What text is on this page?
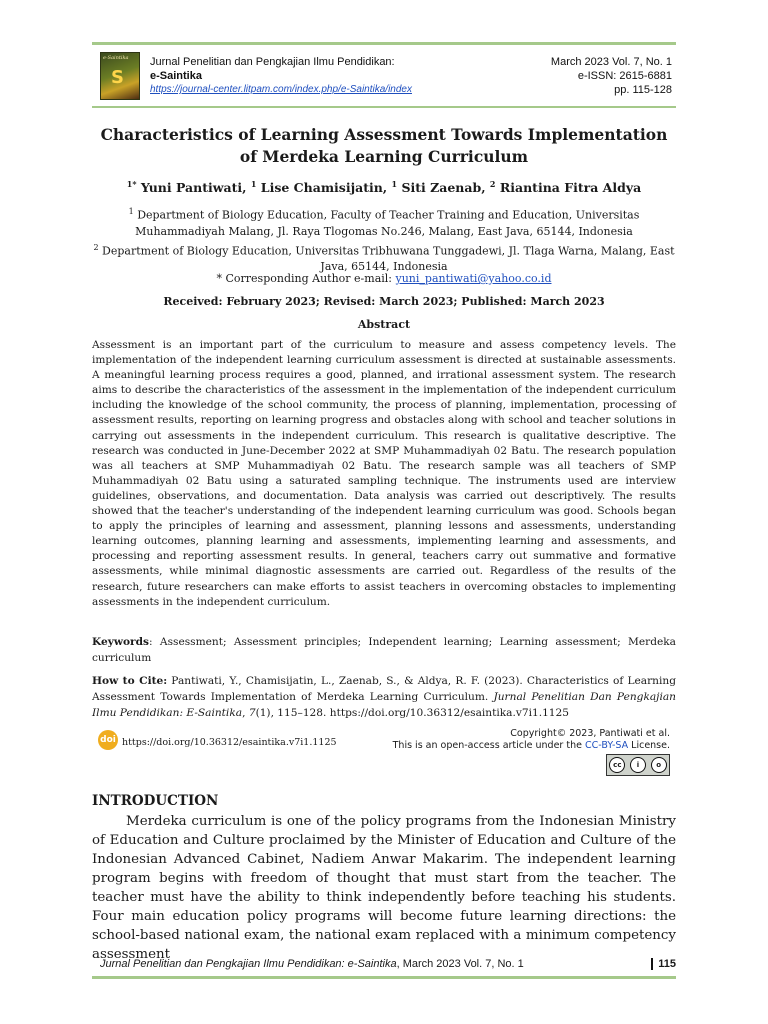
e-Saintika
S
Jurnal Penelitian dan Pengkajian Ilmu Pendidikan:
e-Saintika
https://journal-center.litpam.com/index.php/e-Saintika/index
March 2023 Vol. 7, No. 1
e-ISSN: 2615-6881
pp. 115-128
Characteristics of Learning Assessment Towards Implementation of Merdeka Learning Curriculum
$^{1*}$ Yuni Pantiwati, $^1$ Lise Chamisijatin, $^1$ Siti Zaenab, $^2$ Riantina Fitra Aldya
$^1$ Department of Biology Education, Faculty of Teacher Training and Education, Universitas Muhammadiyah Malang, Jl. Raya Tlogomas No.246, Malang, East Java, 65144, Indonesia
$^2$ Department of Biology Education, Universitas Tribhuwana Tunggadewi, Jl. Tlaga Warna, Malang, East Java, 65144, Indonesia
* Corresponding Author e-mail: yuni_pantiwati@yahoo.co.id
Received: February 2023; Revised: March 2023; Published: March 2023
Abstract
Assessment is an important part of the curriculum to measure and assess competency levels. The implementation of the independent learning curriculum assessment is directed at sustainable assessments. A meaningful learning process requires a good, planned, and irrational assessment system. The research aims to describe the characteristics of the assessment in the implementation of the independent curriculum including the knowledge of the school community, the process of planning, implementation, processing of assessment results, reporting on learning progress and obstacles along with school and teacher solutions in carrying out assessments in the independent curriculum. This research is qualitative descriptive. The research was conducted in June-December 2022 at SMP Muhammadiyah 02 Batu. The research population was all teachers at SMP Muhammadiyah 02 Batu. The research sample was all teachers of SMP Muhammadiyah 02 Batu using a saturated sampling technique. The instruments used are interview guidelines, observations, and documentation. Data analysis was carried out descriptively. The results showed that the teacher's understanding of the independent learning curriculum was good. Schools began to apply the principles of learning and assessment, planning lessons and assessments, understanding learning outcomes, planning learning and assessments, implementing learning and assessments, and processing and reporting assessment results. In general, teachers carry out summative and formative assessments, while minimal diagnostic assessments are carried out. Regardless of the results of the research, future researchers can make efforts to assist teachers in overcoming obstacles to implementing assessments in the independent curriculum.
Keywords: Assessment; Assessment principles; Independent learning; Learning assessment; Merdeka curriculum
How to Cite: Pantiwati, Y., Chamisijatin, L., Zaenab, S., & Aldya, R. F. (2023). Characteristics of Learning Assessment Towards Implementation of Merdeka Learning Curriculum. Jurnal Penelitian Dan Pengkajian Ilmu Pendidikan: E-Saintika, 7(1), 115–128. https://doi.org/10.36312/esaintika.v7i1.1125
doi https://doi.org/10.36312/esaintika.v7i1.1125
Copyright© 2023, Pantiwati et al.
This is an open-access article under the CC-BY-SA License.
cc	i	o
INTRODUCTION
Merdeka curriculum is one of the policy programs from the Indonesian Ministry of Education and Culture proclaimed by the Minister of Education and Culture of the Indonesian Advanced Cabinet, Nadiem Anwar Makarim. The independent learning program begins with freedom of thought that must start from the teacher. The teacher must have the ability to think independently before teaching his students. Four main education policy programs will become future learning directions: the school-based national exam, the national exam replaced with a minimum competency assessment
Jurnal Penelitian dan Pengkajian Ilmu Pendidikan: e-Saintika, March 2023 Vol. 7, No. 1	115
